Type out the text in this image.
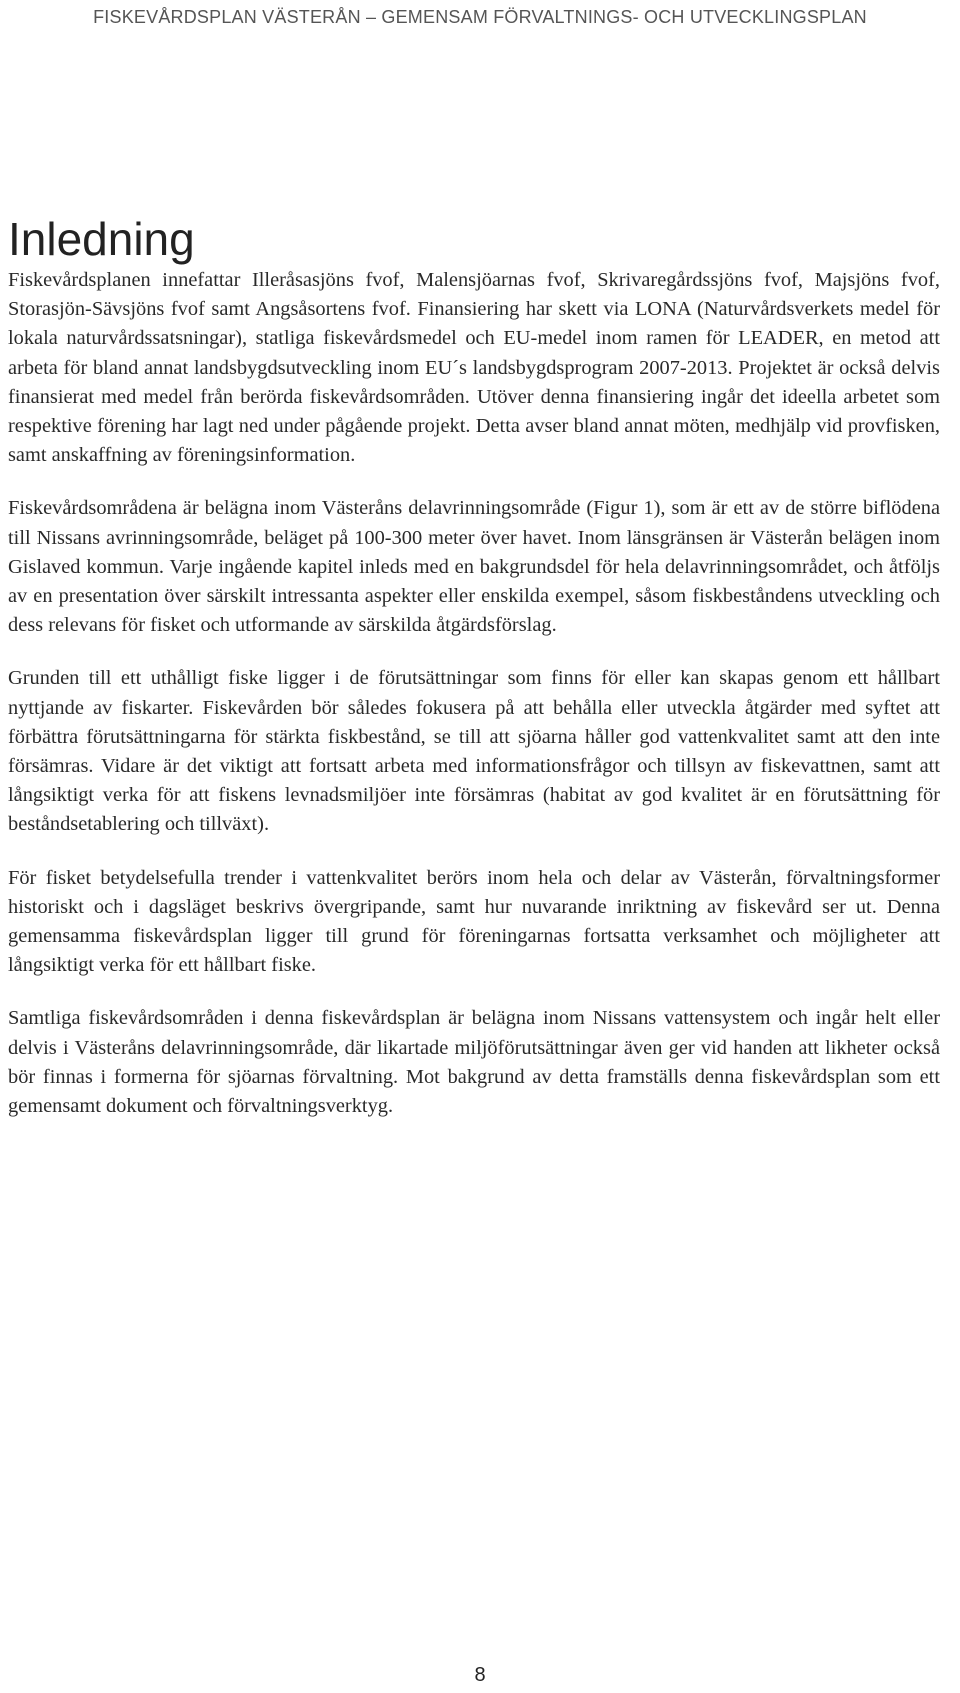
FISKEVÅRDSPLAN VÄSTERÅN – GEMENSAM FÖRVALTNINGS- OCH UTVECKLINGSPLAN
Inledning

Fiskevårdsplanen innefattar Illeråsasjöns fvof, Malensjöarnas fvof, Skrivaregårdssjöns fvof, Majsjöns fvof, Storasjön-Sävsjöns fvof samt Angsåsortens fvof. Finansiering har skett via LONA (Naturvårdsverkets medel för lokala naturvårdssatsningar), statliga fiskevårdsmedel och EU-medel inom ramen för LEADER, en metod att arbeta för bland annat landsbygdsutveckling inom EU´s landsbygdsprogram 2007-2013. Projektet är också delvis finansierat med medel från berörda fiskevårdsområden. Utöver denna finansiering ingår det ideella arbetet som respektive förening har lagt ned under pågående projekt. Detta avser bland annat möten, medhjälp vid provfisken, samt anskaffning av föreningsinformation.

Fiskevårdsområdena är belägna inom Västeråns delavrinningsområde (Figur 1), som är ett av de större biflödena till Nissans avrinningsområde, beläget på 100-300 meter över havet. Inom länsgränsen är Västerån belägen inom Gislaved kommun. Varje ingående kapitel inleds med en bakgrundsdel för hela delavrinningsområdet, och åtföljs av en presentation över särskilt intressanta aspekter eller enskilda exempel, såsom fiskbeståndens utveckling och dess relevans för fisket och utformande av särskilda åtgärdsförslag.

Grunden till ett uthålligt fiske ligger i de förutsättningar som finns för eller kan skapas genom ett hållbart nyttjande av fiskarter. Fiskevården bör således fokusera på att behålla eller utveckla åtgärder med syftet att förbättra förutsättningarna för stärkta fiskbestånd, se till att sjöarna håller god vattenkvalitet samt att den inte försämras. Vidare är det viktigt att fortsatt arbeta med informationsfrågor och tillsyn av fiskevattnen, samt att långsiktigt verka för att fiskens levnadsmiljöer inte försämras (habitat av god kvalitet är en förutsättning för beståndsetablering och tillväxt).

För fisket betydelsefulla trender i vattenkvalitet berörs inom hela och delar av Västerån, förvaltningsformer historiskt och i dagsläget beskrivs övergripande, samt hur nuvarande inriktning av fiskevård ser ut. Denna gemensamma fiskevårdsplan ligger till grund för föreningarnas fortsatta verksamhet och möjligheter att långsiktigt verka för ett hållbart fiske.

Samtliga fiskevårdsområden i denna fiskevårdsplan är belägna inom Nissans vattensystem och ingår helt eller delvis i Västeråns delavrinningsområde, där likartade miljöförutsättningar även ger vid handen att likheter också bör finnas i formerna för sjöarnas förvaltning. Mot bakgrund av detta framställs denna fiskevårdsplan som ett gemensamt dokument och förvaltningsverktyg.

8
